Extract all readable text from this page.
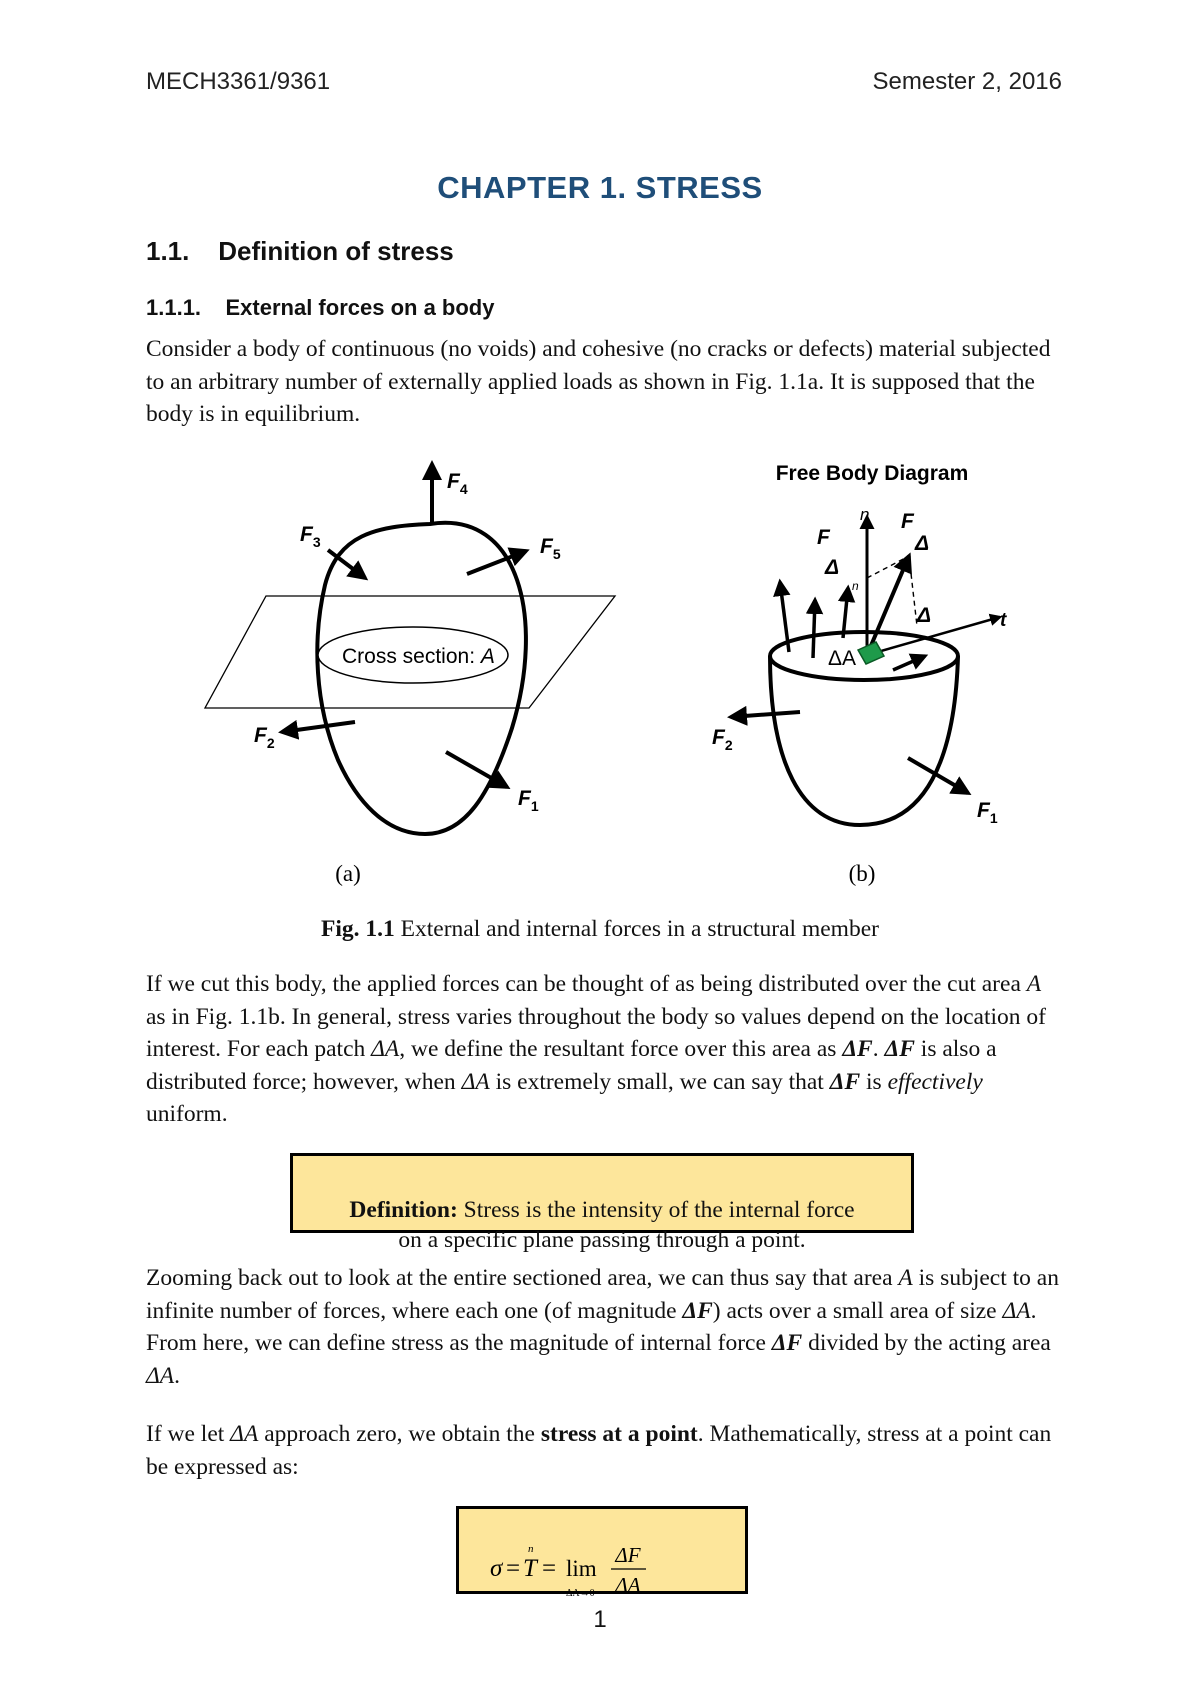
MECH3361/9361	Semester 2, 2016
CHAPTER 1. STRESS
1.1. Definition of stress
1.1.1. External forces on a body

Consider a body of continuous (no voids) and cohesive (no cracks or defects) material subjected to an arbitrary number of externally applied loads as shown in Fig. 1.1a. It is supposed that the body is in equilibrium.

Cross section: A
$F_4$
$F_3$	$F_5$
$F_2$
$F_1$
(a)
Free Body Diagram
n
t
F
F
Δ
Δ
Δ
n
ΔA
$F_2$
$F_1$
(b)
Fig. 1.1 External and internal forces in a structural member

If we cut this body, the applied forces can be thought of as being distributed over the cut area A as in Fig. 1.1b. In general, stress varies throughout the body so values depend on the location of interest. For each patch ΔA, we define the resultant force over this area as ΔF. ΔF is also a distributed force; however, when ΔA is extremely small, we can say that ΔF is effectively uniform.

Definition: Stress is the intensity of the internal force
on a specific plane passing through a point.

Zooming back out to look at the entire sectioned area, we can thus say that area A is subject to an infinite number of forces, where each one (of magnitude ΔF) acts over a small area of size ΔA. From here, we can define stress as the magnitude of internal force ΔF divided by the acting area ΔA.

If we let ΔA approach zero, we obtain the stress at a point. Mathematically, stress at a point can be expressed as:

σ = T
n
= lim
ΔA→0
ΔF
ΔA
1
